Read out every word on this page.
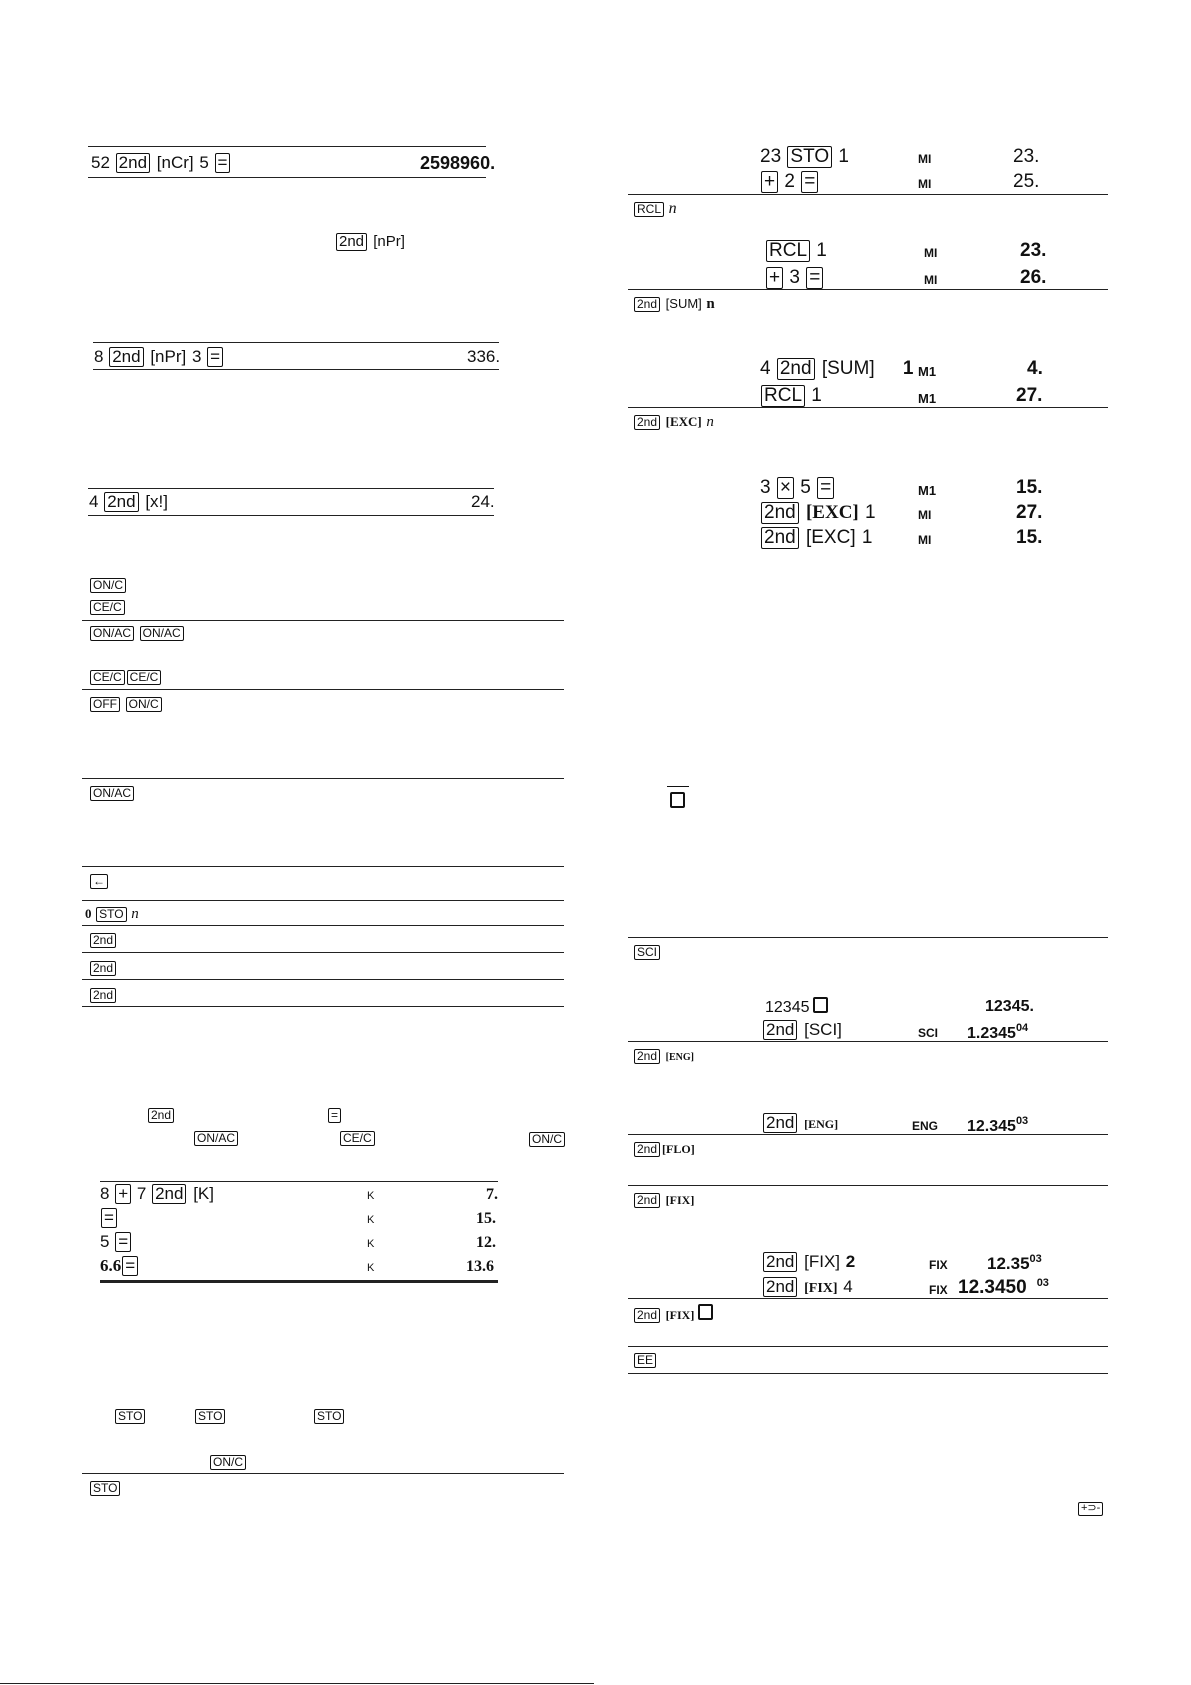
52 2nd [nCr] 5 =	2598960.
2nd [nPr]
8 2nd [nPr] 3 =	336.
4 2nd [x!]	24.
ON/C
CE/C
ON/AC ON/AC
CE/C CE/C
OFF ON/C
ON/AC
←
0 STO n
2nd
2nd
2nd
2nd	=
ON/AC	CE/C	ON/C
8 + 7 2nd [K]	K	7.
=	K	15.
5 =	K	12.
6.6 =	K	13.6
STO	STO	STO
ON/C
STO
23 STO 1	MI	23.
+ 2 =	MI	25.
RCL n
RCL 1	MI	23.
+ 3 =	MI	26.
2nd [SUM] n
4 2nd [SUM] 1 M1	4.
RCL 1	M1	27.
2nd [EXC] n
3 × 5 =	M1	15.
2nd [EXC] 1	MI	27.
2nd [EXC] 1	MI	15.
SCI
12345	12345.
2nd [SCI]	SCI 1.2345$^{04}$
2nd [ENG]
2nd [ENG]	ENG 12.345$^{03}$
2nd [FLO]
2nd [FIX]
2nd [FIX] 2	FIX 12.35$^{03}$
2nd [FIX] 4	FIX 12.3450 $^{03}$
2nd [FIX]
EE
+⊃-
